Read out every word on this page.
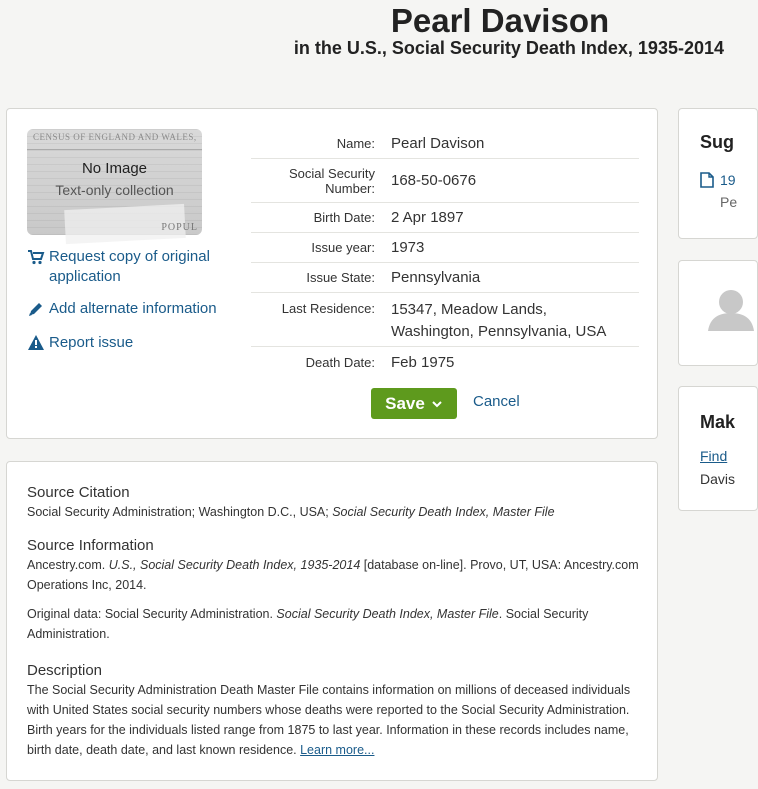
Pearl Davison
in the U.S., Social Security Death Index, 1935-2014
CENSUS OF ENGLAND AND WALES,
No Image
Text-only collection
POPUL
Request copy of original application
Add alternate information
Report issue
Name:	Pearl Davison
Social Security Number:	168-50-0676
Birth Date:	2 Apr 1897
Issue year:	1973
Issue State:	Pennsylvania
Last Residence:	15347, Meadow Lands, Washington, Pennsylvania, USA
Death Date:	Feb 1975
Save	Cancel
Source Citation

Social Security Administration; Washington D.C., USA; Social Security Death Index, Master File

Source Information

Ancestry.com. U.S., Social Security Death Index, 1935-2014 [database on-line]. Provo, UT, USA: Ancestry.com Operations Inc, 2014.

Original data: Social Security Administration. Social Security Death Index, Master File. Social Security Administration.

Description

The Social Security Administration Death Master File contains information on millions of deceased individuals with United States social security numbers whose deaths were reported to the Social Security Administration. Birth years for the individuals listed range from 1875 to last year. Information in these records includes name, birth date, death date, and last known residence. Learn more...

Sug
19
Pe
Mak
Find
Davis
